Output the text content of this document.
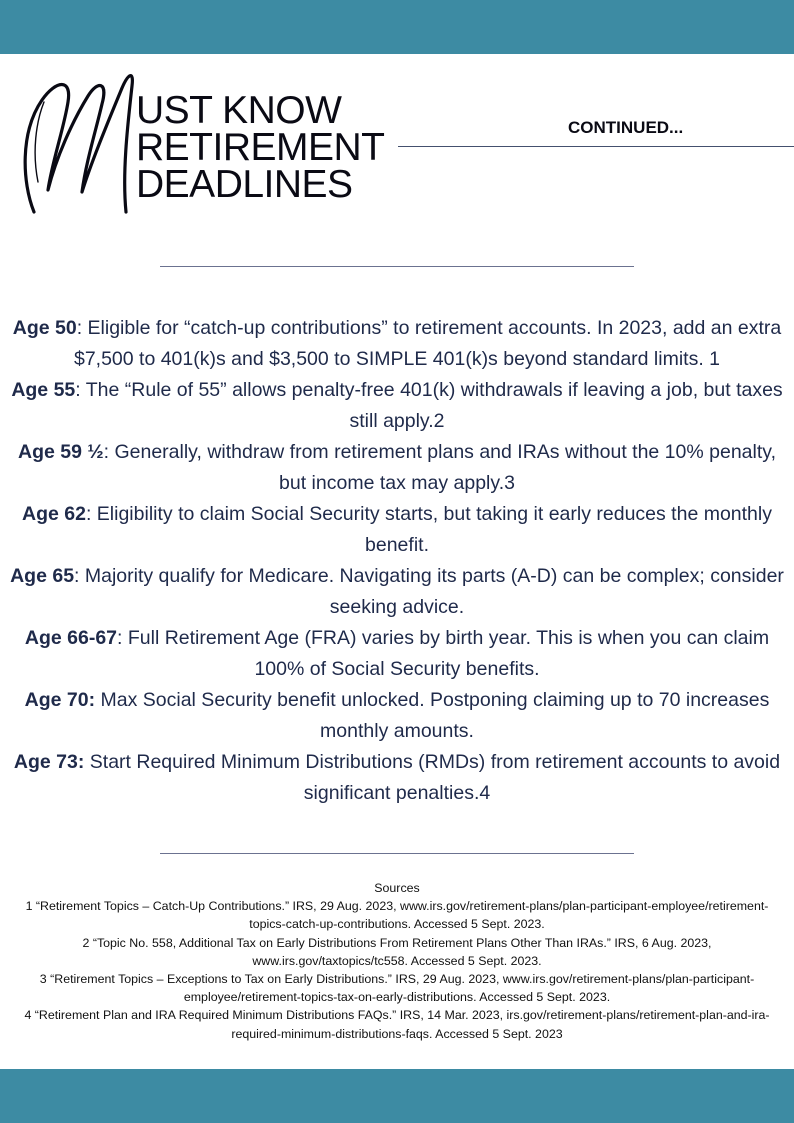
UST KNOW
RETIREMENT
DEADLINES
CONTINUED...

Age 50: Eligible for “catch-up contributions” to retirement accounts. In 2023, add an extra $7,500 to 401(k)s and $3,500 to SIMPLE 401(k)s beyond standard limits. 1

Age 55: The “Rule of 55” allows penalty-free 401(k) withdrawals if leaving a job, but taxes still apply.2

Age 59 ½: Generally, withdraw from retirement plans and IRAs without the 10% penalty, but income tax may apply.3

Age 62: Eligibility to claim Social Security starts, but taking it early reduces the monthly benefit.

Age 65: Majority qualify for Medicare. Navigating its parts (A-D) can be complex; consider seeking advice.

Age 66-67: Full Retirement Age (FRA) varies by birth year. This is when you can claim 100% of Social Security benefits.

Age 70: Max Social Security benefit unlocked. Postponing claiming up to 70 increases monthly amounts.

Age 73: Start Required Minimum Distributions (RMDs) from retirement accounts to avoid significant penalties.4

Sources

1 “Retirement Topics – Catch-Up Contributions.” IRS, 29 Aug. 2023, www.irs.gov/retirement-plans/plan-participant-employee/retirement-topics-catch-up-contributions. Accessed 5 Sept. 2023.

2 “Topic No. 558, Additional Tax on Early Distributions From Retirement Plans Other Than IRAs.” IRS, 6 Aug. 2023, www.irs.gov/taxtopics/tc558. Accessed 5 Sept. 2023.

3 “Retirement Topics – Exceptions to Tax on Early Distributions.” IRS, 29 Aug. 2023, www.irs.gov/retirement-plans/plan-participant-employee/retirement-topics-tax-on-early-distributions. Accessed 5 Sept. 2023.

4 “Retirement Plan and IRA Required Minimum Distributions FAQs.” IRS, 14 Mar. 2023, irs.gov/retirement-plans/retirement-plan-and-ira-required-minimum-distributions-faqs. Accessed 5 Sept. 2023
